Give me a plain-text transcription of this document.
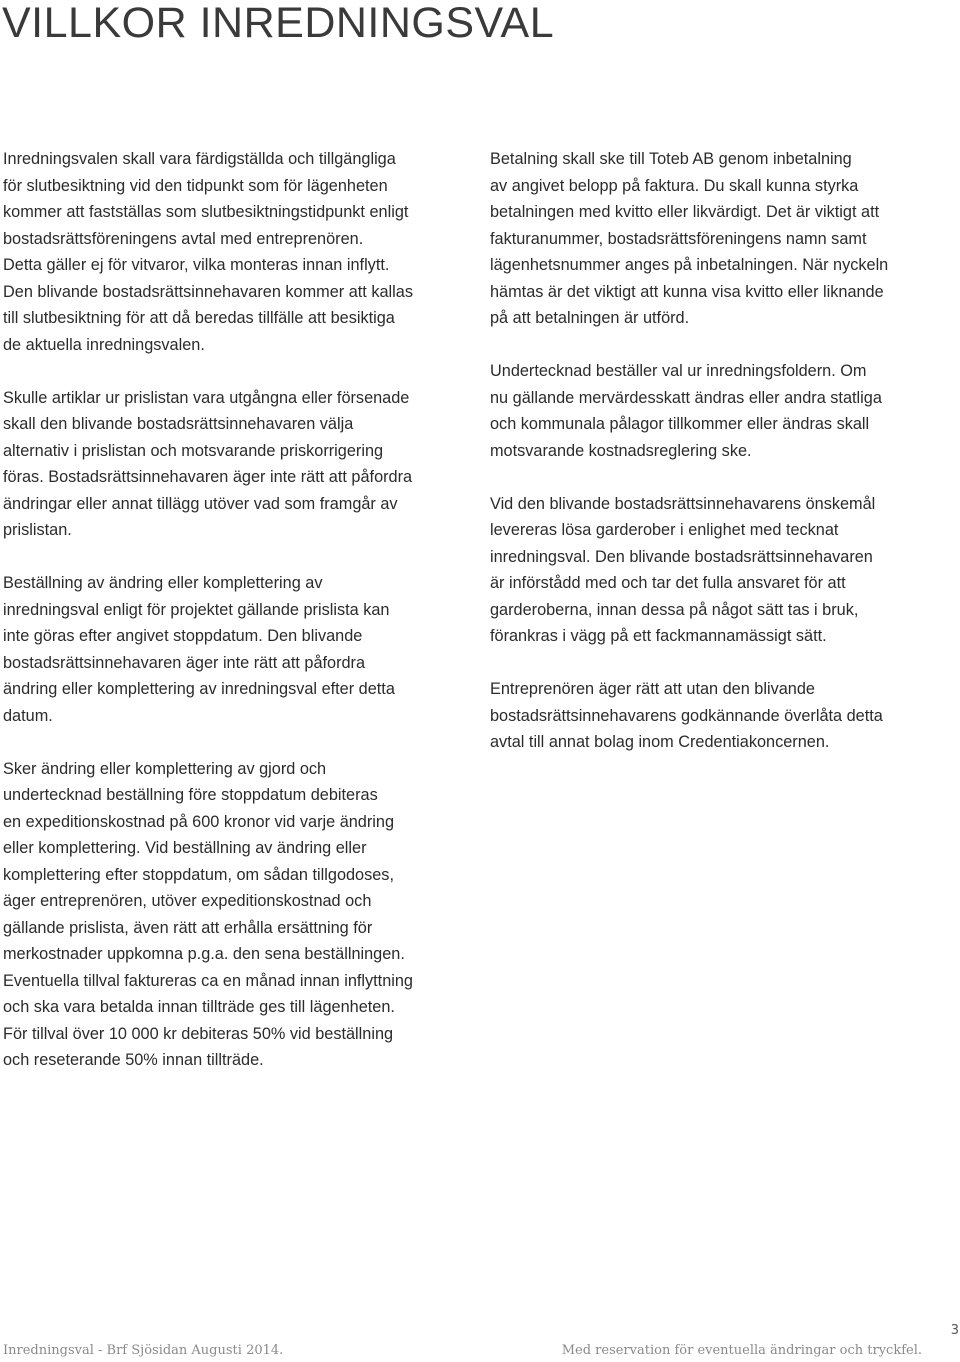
VILLKOR INREDNINGSVAL

Inredningsvalen skall vara färdigställda och tillgängliga
för slutbesiktning vid den tidpunkt som för lägenheten
kommer att fastställas som slutbesiktningstidpunkt enligt
bostadsrättsföreningens avtal med entreprenören.
Detta gäller ej för vitvaror, vilka monteras innan inflytt.
Den blivande bostadsrättsinnehavaren kommer att kallas
till slutbesiktning för att då beredas tillfälle att besiktiga
de aktuella inredningsvalen.

Skulle artiklar ur prislistan vara utgångna eller försenade
skall den blivande bostadsrättsinnehavaren välja
alternativ i prislistan och motsvarande priskorrigering
föras. Bostadsrättsinnehavaren äger inte rätt att påfordra
ändringar eller annat tillägg utöver vad som framgår av
prislistan.

Beställning av ändring eller komplettering av
inredningsval enligt för projektet gällande prislista kan
inte göras efter angivet stoppdatum. Den blivande
bostadsrättsinnehavaren äger inte rätt att påfordra
ändring eller komplettering av inredningsval efter detta
datum.

Sker ändring eller komplettering av gjord och
undertecknad beställning före stoppdatum debiteras
en expeditionskostnad på 600 kronor vid varje ändring
eller komplettering. Vid beställning av ändring eller
komplettering efter stoppdatum, om sådan tillgodoses,
äger entreprenören, utöver expeditionskostnad och
gällande prislista, även rätt att erhålla ersättning för
merkostnader uppkomna p.g.a. den sena beställningen.
Eventuella tillval faktureras ca en månad innan inflyttning
och ska vara betalda innan tillträde ges till lägenheten.
För tillval över 10 000 kr debiteras 50% vid beställning
och reseterande 50% innan tillträde.

Betalning skall ske till Toteb AB genom inbetalning
av angivet belopp på faktura. Du skall kunna styrka
betalningen med kvitto eller likvärdigt. Det är viktigt att
fakturanummer, bostadsrättsföreningens namn samt
lägenhetsnummer anges på inbetalningen. När nyckeln
hämtas är det viktigt att kunna visa kvitto eller liknande
på att betalningen är utförd.

Undertecknad beställer val ur inredningsfoldern. Om
nu gällande mervärdesskatt ändras eller andra statliga
och kommunala pålagor tillkommer eller ändras skall
motsvarande kostnadsreglering ske.

Vid den blivande bostadsrättsinnehavarens önskemål
levereras lösa garderober i enlighet med tecknat
inredningsval. Den blivande bostadsrättsinnehavaren
är införstådd med och tar det fulla ansvaret för att
garderoberna, innan dessa på något sätt tas i bruk,
förankras i vägg på ett fackmannamässigt sätt.

Entreprenören äger rätt att utan den blivande
bostadsrättsinnehavarens godkännande överlåta detta
avtal till annat bolag inom Credentiakoncernen.

3
Inredningsval - Brf Sjösidan Augusti 2014.	Med reservation för eventuella ändringar och tryckfel.
